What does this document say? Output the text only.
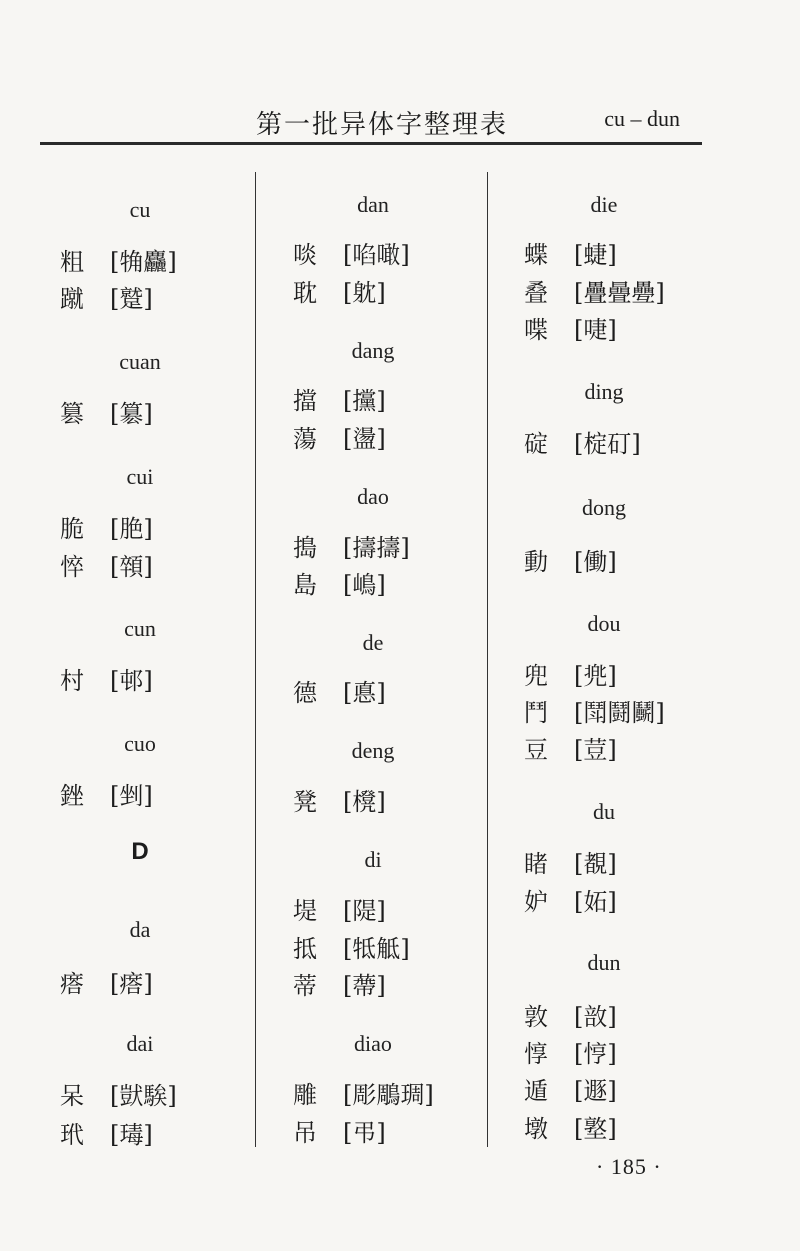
第一批异体字整理表	cu – dun
cu
粗 [觕麤]
蹴 [蹵]
cuan
篡 [簒]
cui
脆 [脃]
悴 [顇]
cun
村 [邨]
cuo
銼 [剉]
D
da
瘩 [瘩]
dai
呆 [獃騃]
玳 [瑇]
dan
啖 [啗噉]
耽 [躭]
dang
擋 [攩]
蕩 [盪]
dao
搗 [擣擣]
島 [嶋]
de
德 [悳]
deng
凳 [櫈]
di
堤 [隄]
抵 [牴觝]
蒂 [蔕]
diao
雕 [彫鵰琱]
吊 [弔]
die
蝶 [蜨]
叠 [疊曡疉]
喋 [啑]
ding
碇 [椗矴]
dong
動 [働]
dou
兜 [兠]
鬥 [鬦鬪鬭]
豆 [荳]
du
睹 [覩]
妒 [妬]
dun
敦 [敨]
惇 [悙]
遁 [遯]
墩 [墪]
· 185 ·
